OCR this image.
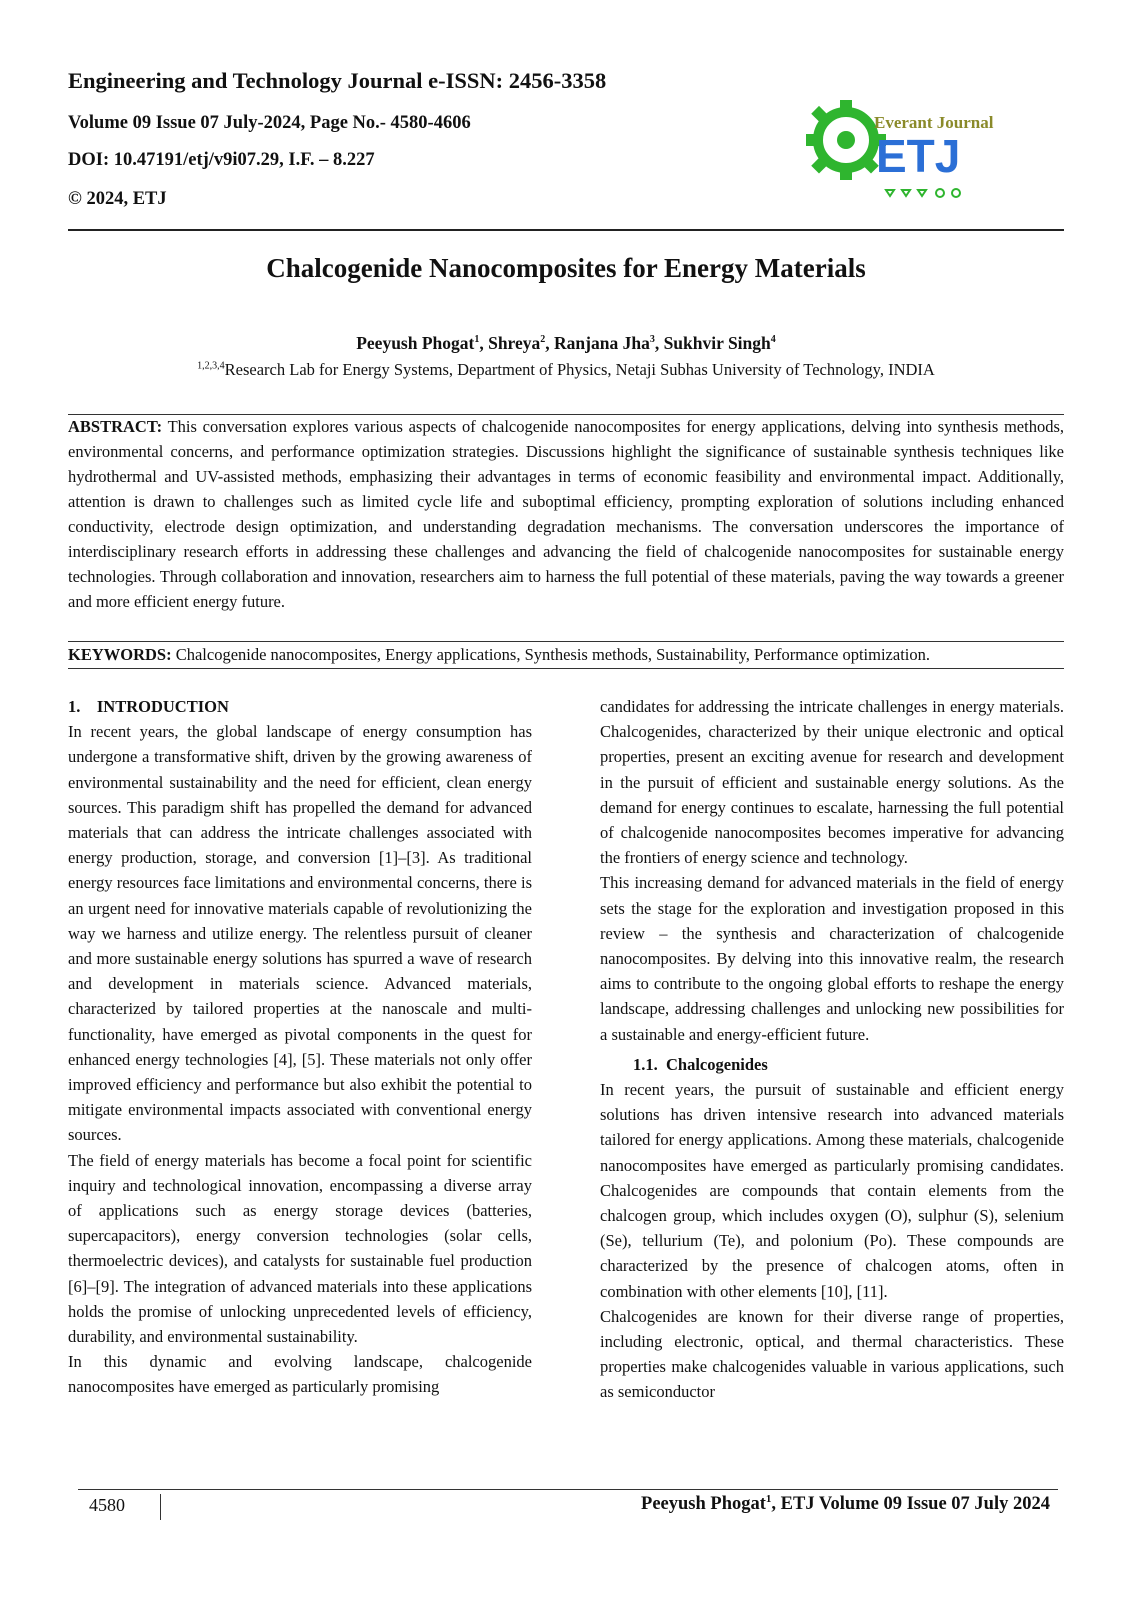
Engineering and Technology Journal e-ISSN: 2456-3358
Volume 09 Issue 07 July-2024, Page No.- 4580-4606
DOI: 10.47191/etj/v9i07.29, I.F. – 8.227
© 2024, ETJ
Everant Journal
ETJ
Chalcogenide Nanocomposites for Energy Materials
Peeyush Phogat$^1$, Shreya$^2$, Ranjana Jha$^3$, Sukhvir Singh$^4$
$^{1,2,3,4}$Research Lab for Energy Systems, Department of Physics, Netaji Subhas University of Technology, INDIA
ABSTRACT: This conversation explores various aspects of chalcogenide nanocomposites for energy applications, delving into synthesis methods, environmental concerns, and performance optimization strategies. Discussions highlight the significance of sustainable synthesis techniques like hydrothermal and UV-assisted methods, emphasizing their advantages in terms of economic feasibility and environmental impact. Additionally, attention is drawn to challenges such as limited cycle life and suboptimal efficiency, prompting exploration of solutions including enhanced conductivity, electrode design optimization, and understanding degradation mechanisms. The conversation underscores the importance of interdisciplinary research efforts in addressing these challenges and advancing the field of chalcogenide nanocomposites for sustainable energy technologies. Through collaboration and innovation, researchers aim to harness the full potential of these materials, paving the way towards a greener and more efficient energy future.
KEYWORDS: Chalcogenide nanocomposites, Energy applications, Synthesis methods, Sustainability, Performance optimization.

1.    INTRODUCTION

In recent years, the global landscape of energy consumption has undergone a transformative shift, driven by the growing awareness of environmental sustainability and the need for efficient, clean energy sources. This paradigm shift has propelled the demand for advanced materials that can address the intricate challenges associated with energy production, storage, and conversion [1]–[3]. As traditional energy resources face limitations and environmental concerns, there is an urgent need for innovative materials capable of revolutionizing the way we harness and utilize energy. The relentless pursuit of cleaner and more sustainable energy solutions has spurred a wave of research and development in materials science. Advanced materials, characterized by tailored properties at the nanoscale and multi-functionality, have emerged as pivotal components in the quest for enhanced energy technologies [4], [5]. These materials not only offer improved efficiency and performance but also exhibit the potential to mitigate environmental impacts associated with conventional energy sources.

The field of energy materials has become a focal point for scientific inquiry and technological innovation, encompassing a diverse array of applications such as energy storage devices (batteries, supercapacitors), energy conversion technologies (solar cells, thermoelectric devices), and catalysts for sustainable fuel production [6]–[9]. The integration of advanced materials into these applications holds the promise of unlocking unprecedented levels of efficiency, durability, and environmental sustainability.

In this dynamic and evolving landscape, chalcogenide nanocomposites have emerged as particularly promising

candidates for addressing the intricate challenges in energy materials. Chalcogenides, characterized by their unique electronic and optical properties, present an exciting avenue for research and development in the pursuit of efficient and sustainable energy solutions. As the demand for energy continues to escalate, harnessing the full potential of chalcogenide nanocomposites becomes imperative for advancing the frontiers of energy science and technology.

This increasing demand for advanced materials in the field of energy sets the stage for the exploration and investigation proposed in this review – the synthesis and characterization of chalcogenide nanocomposites. By delving into this innovative realm, the research aims to contribute to the ongoing global efforts to reshape the energy landscape, addressing challenges and unlocking new possibilities for a sustainable and energy-efficient future.

1.1.  Chalcogenides

In recent years, the pursuit of sustainable and efficient energy solutions has driven intensive research into advanced materials tailored for energy applications. Among these materials, chalcogenide nanocomposites have emerged as particularly promising candidates. Chalcogenides are compounds that contain elements from the chalcogen group, which includes oxygen (O), sulphur (S), selenium (Se), tellurium (Te), and polonium (Po). These compounds are characterized by the presence of chalcogen atoms, often in combination with other elements [10], [11].

Chalcogenides are known for their diverse range of properties, including electronic, optical, and thermal characteristics. These properties make chalcogenides valuable in various applications, such as semiconductor

4580	Peeyush Phogat$^1$, ETJ Volume 09 Issue 07 July 2024
